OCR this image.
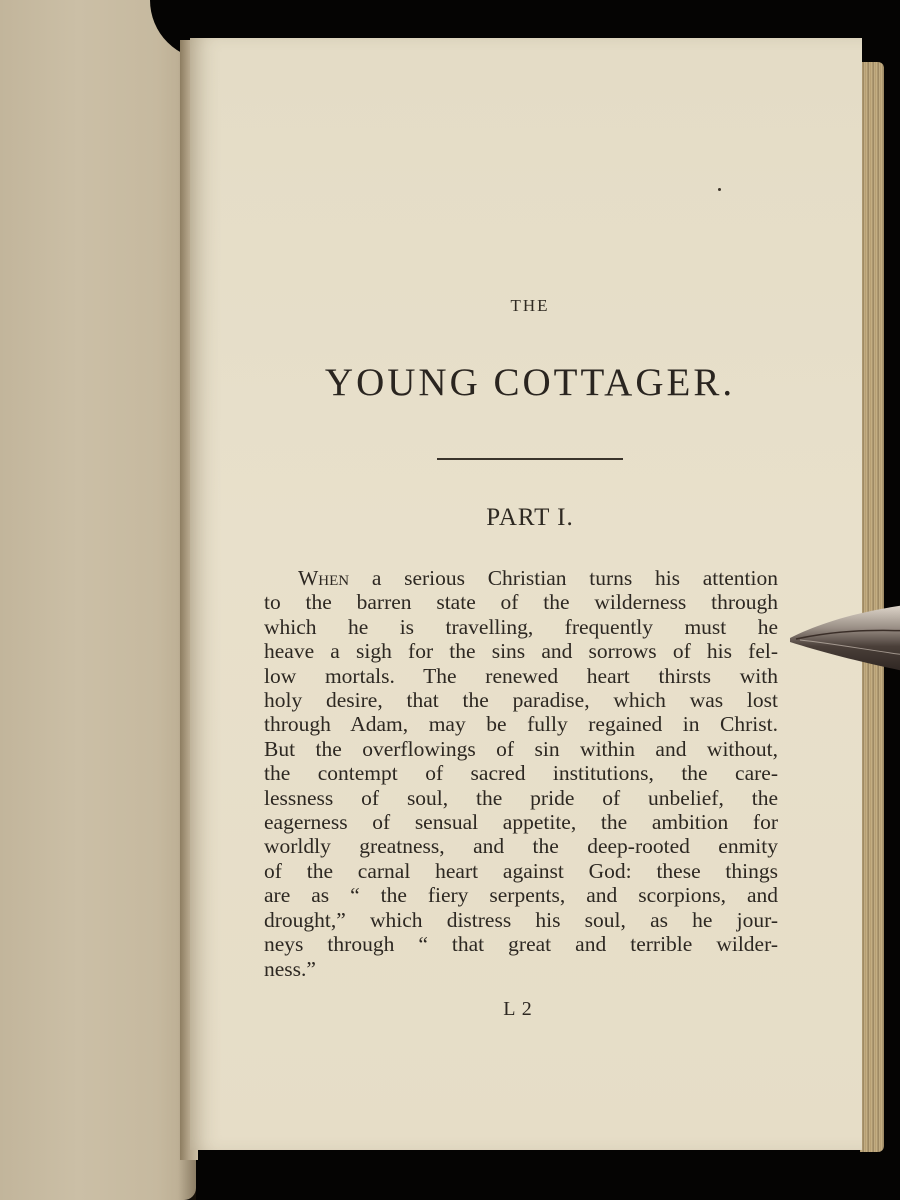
THE
YOUNG COTTAGER.
PART I.
When a serious Christian turns his attention
to the barren state of the wilderness through
which he is travelling, frequently must he
heave a sigh for the sins and sorrows of his fel-
low mortals. The renewed heart thirsts with
holy desire, that the paradise, which was lost
through Adam, may be fully regained in Christ.
But the overflowings of sin within and without,
the contempt of sacred institutions, the care-
lessness of soul, the pride of unbelief, the
eagerness of sensual appetite, the ambition for
worldly greatness, and the deep-rooted enmity
of the carnal heart against God: these things
are as “ the fiery serpents, and scorpions, and
drought,” which distress his soul, as he jour-
neys through “ that great and terrible wilder-
ness.”
L 2
